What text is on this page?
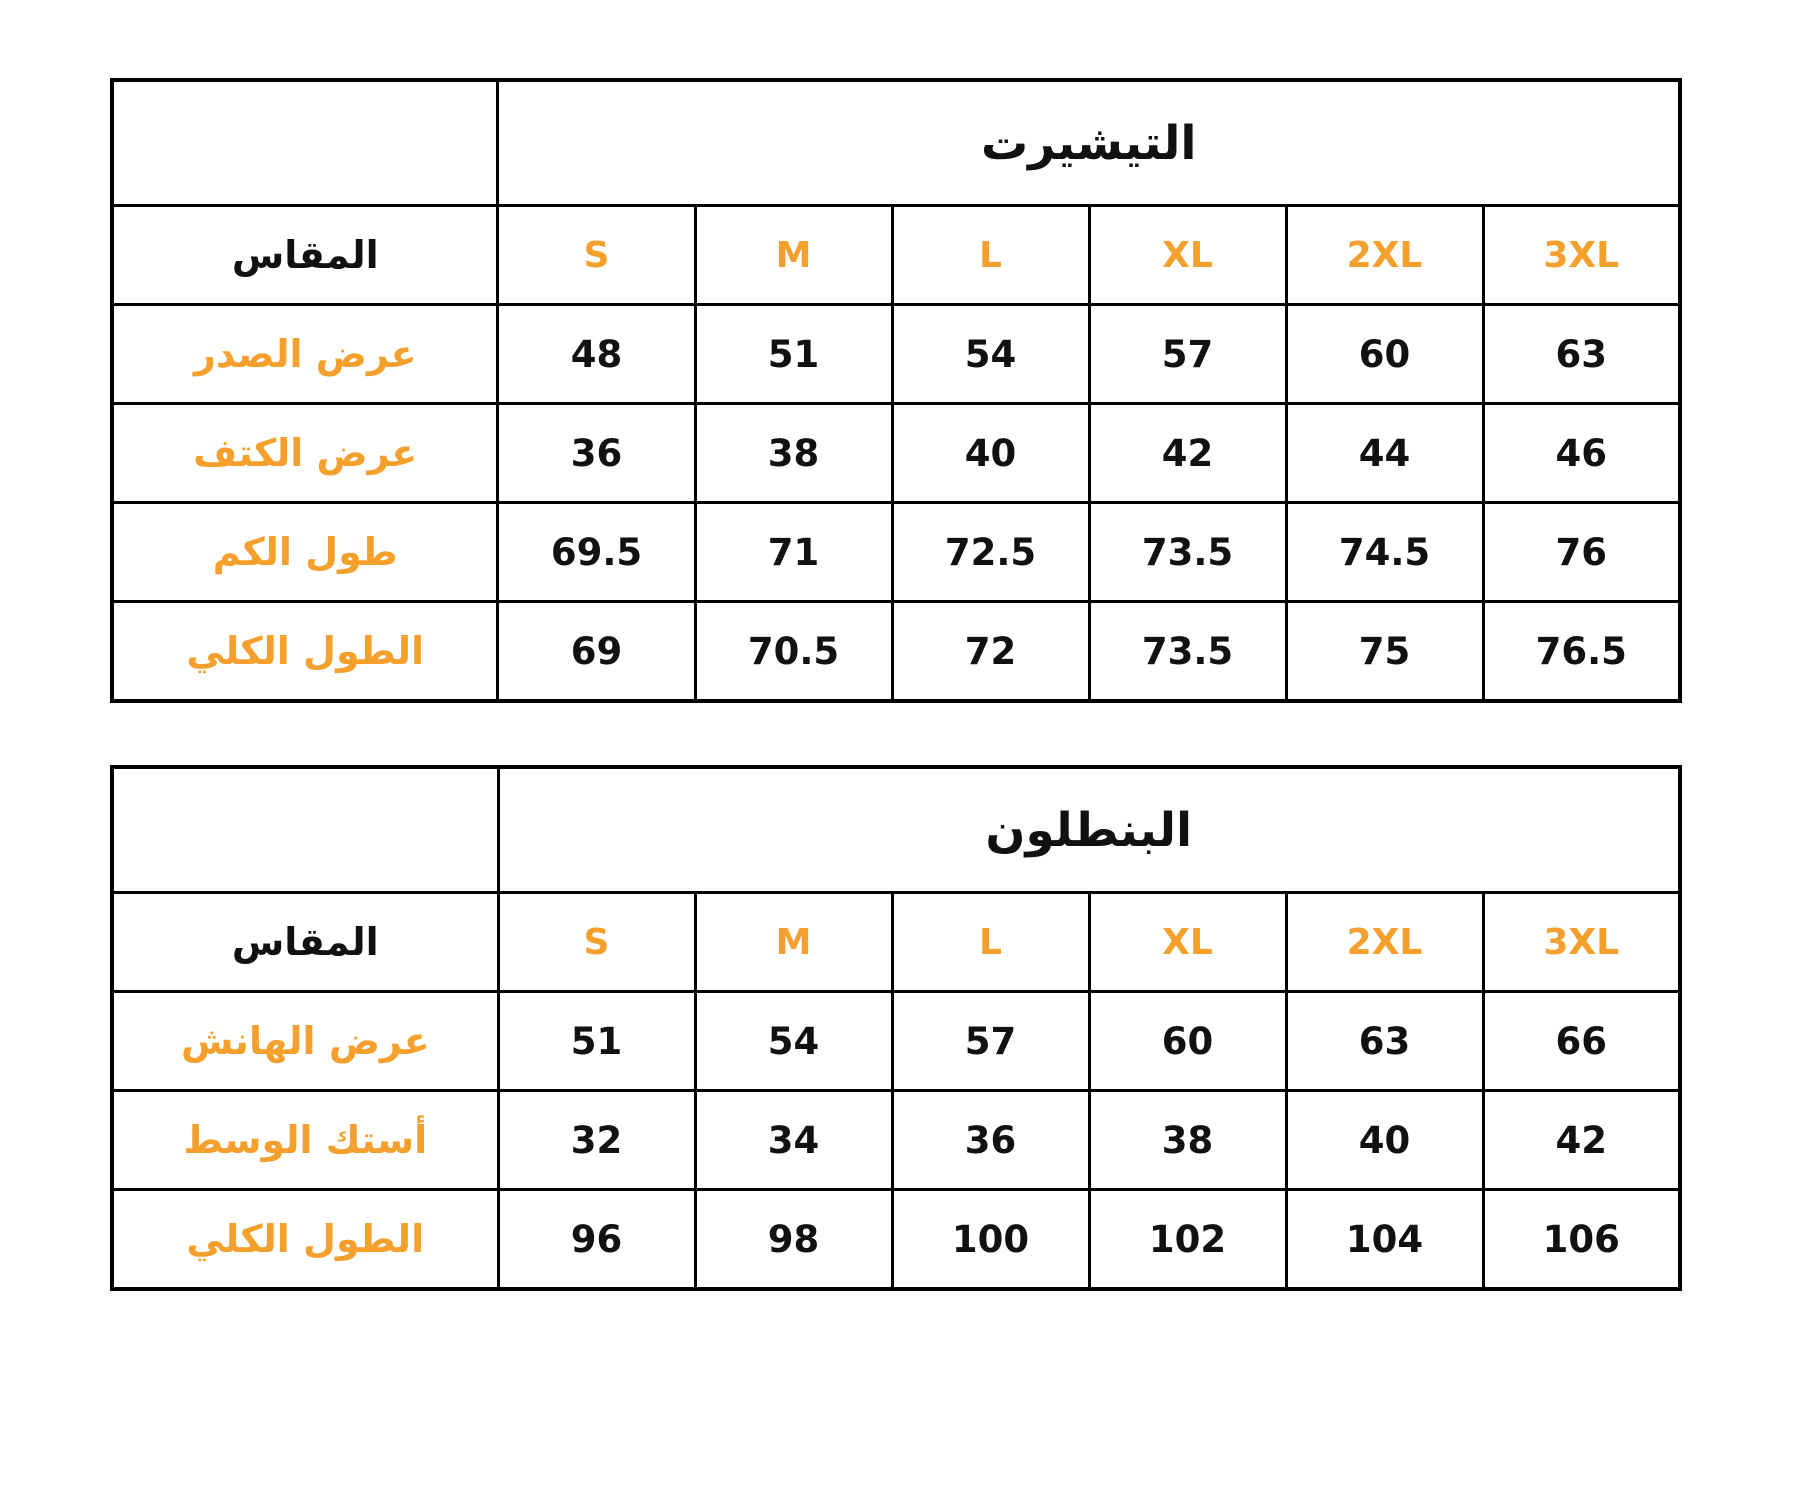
التيشيرت						
3XL	2XL	XL	L	M	S	المقاس
63	60	57	54	51	48	عرض الصدر
46	44	42	40	38	36	عرض الكتف
76	74.5	73.5	72.5	71	69.5	طول الكم
76.5	75	73.5	72	70.5	69	الطول الكلي
البنطلون						
3XL	2XL	XL	L	M	S	المقاس
66	63	60	57	54	51	عرض الهانش
42	40	38	36	34	32	أستك الوسط
106	104	102	100	98	96	الطول الكلي
